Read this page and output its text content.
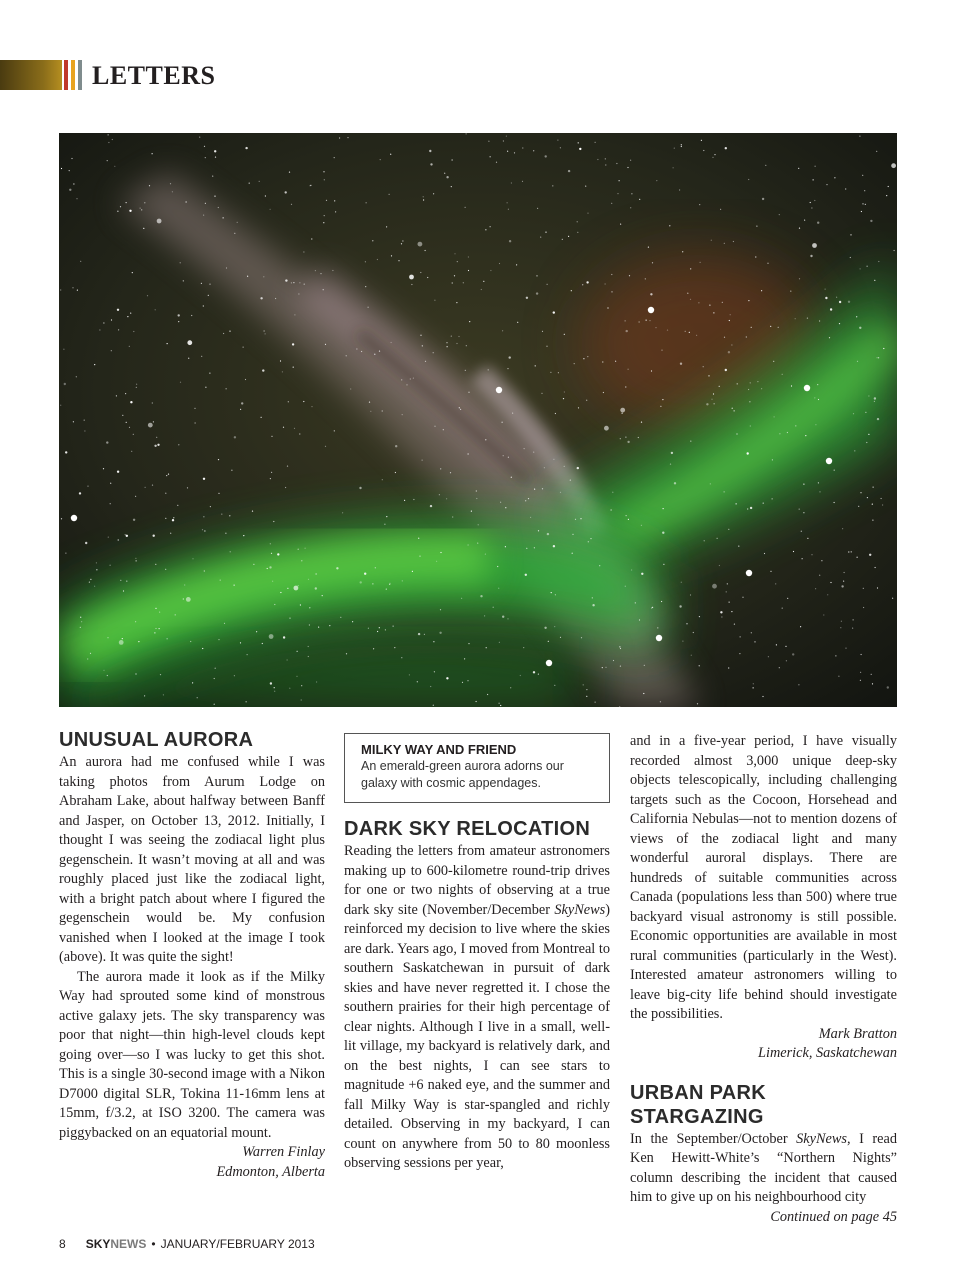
LETTERS
UNUSUAL AURORA

An aurora had me confused while I was taking photos from Aurum Lodge on Abraham Lake, about halfway between Banff and Jasper, on October 13, 2012. Initially, I thought I was seeing the zodiacal light plus gegenschein. It wasn’t moving at all and was roughly placed just like the zodiacal light, with a bright patch about where I figured the gegenschein would be. My confusion vanished when I looked at the image I took (above). It was quite the sight!

The aurora made it look as if the Milky Way had sprouted some kind of monstrous active galaxy jets. The sky transparency was poor that night—thin high-level clouds kept going over—so I was lucky to get this shot. This is a single 30-second image with a Nikon D7000 digital SLR, Tokina 11-16mm lens at 15mm, f/3.2, at ISO 3200. The camera was piggybacked on an equatorial mount.

Warren Finlay

Edmonton, Alberta

MILKY WAY AND FRIEND
An emerald-green aurora adorns our galaxy with cosmic appendages.
DARK SKY RELOCATION

Reading the letters from amateur astronomers making up to 600-kilometre round-trip drives for one or two nights of observing at a true dark sky site (November/December SkyNews) reinforced my decision to live where the skies are dark. Years ago, I moved from Montreal to southern Saskatchewan in pursuit of dark skies and have never regretted it. I chose the southern prairies for their high percentage of clear nights. Although I live in a small, well-lit village, my backyard is relatively dark, and on the best nights, I can see stars to magnitude +6 naked eye, and the summer and fall Milky Way is star-spangled and richly detailed. Observing in my backyard, I can count on anywhere from 50 to 80 moonless observing sessions per year,

and in a five-year period, I have visually recorded almost 3,000 unique deep-sky objects telescopically, including challenging targets such as the Cocoon, Horsehead and California Nebulas—not to mention dozens of views of the zodiacal light and many wonderful auroral displays. There are hundreds of suitable communities across Canada (populations less than 500) where true backyard visual astronomy is still possible. Economic opportunities are available in most rural communities (particularly in the West). Interested amateur astronomers willing to leave big-city life behind should investigate the possibilities.

Mark Bratton

Limerick, Saskatchewan

URBAN PARK STARGAZING

In the September/October SkyNews, I read Ken Hewitt-White’s “Northern Nights” column describing the incident that caused him to give up on his neighbourhood city

Continued on page 45

8 SKYNEWS • JANUARY/FEBRUARY 2013
